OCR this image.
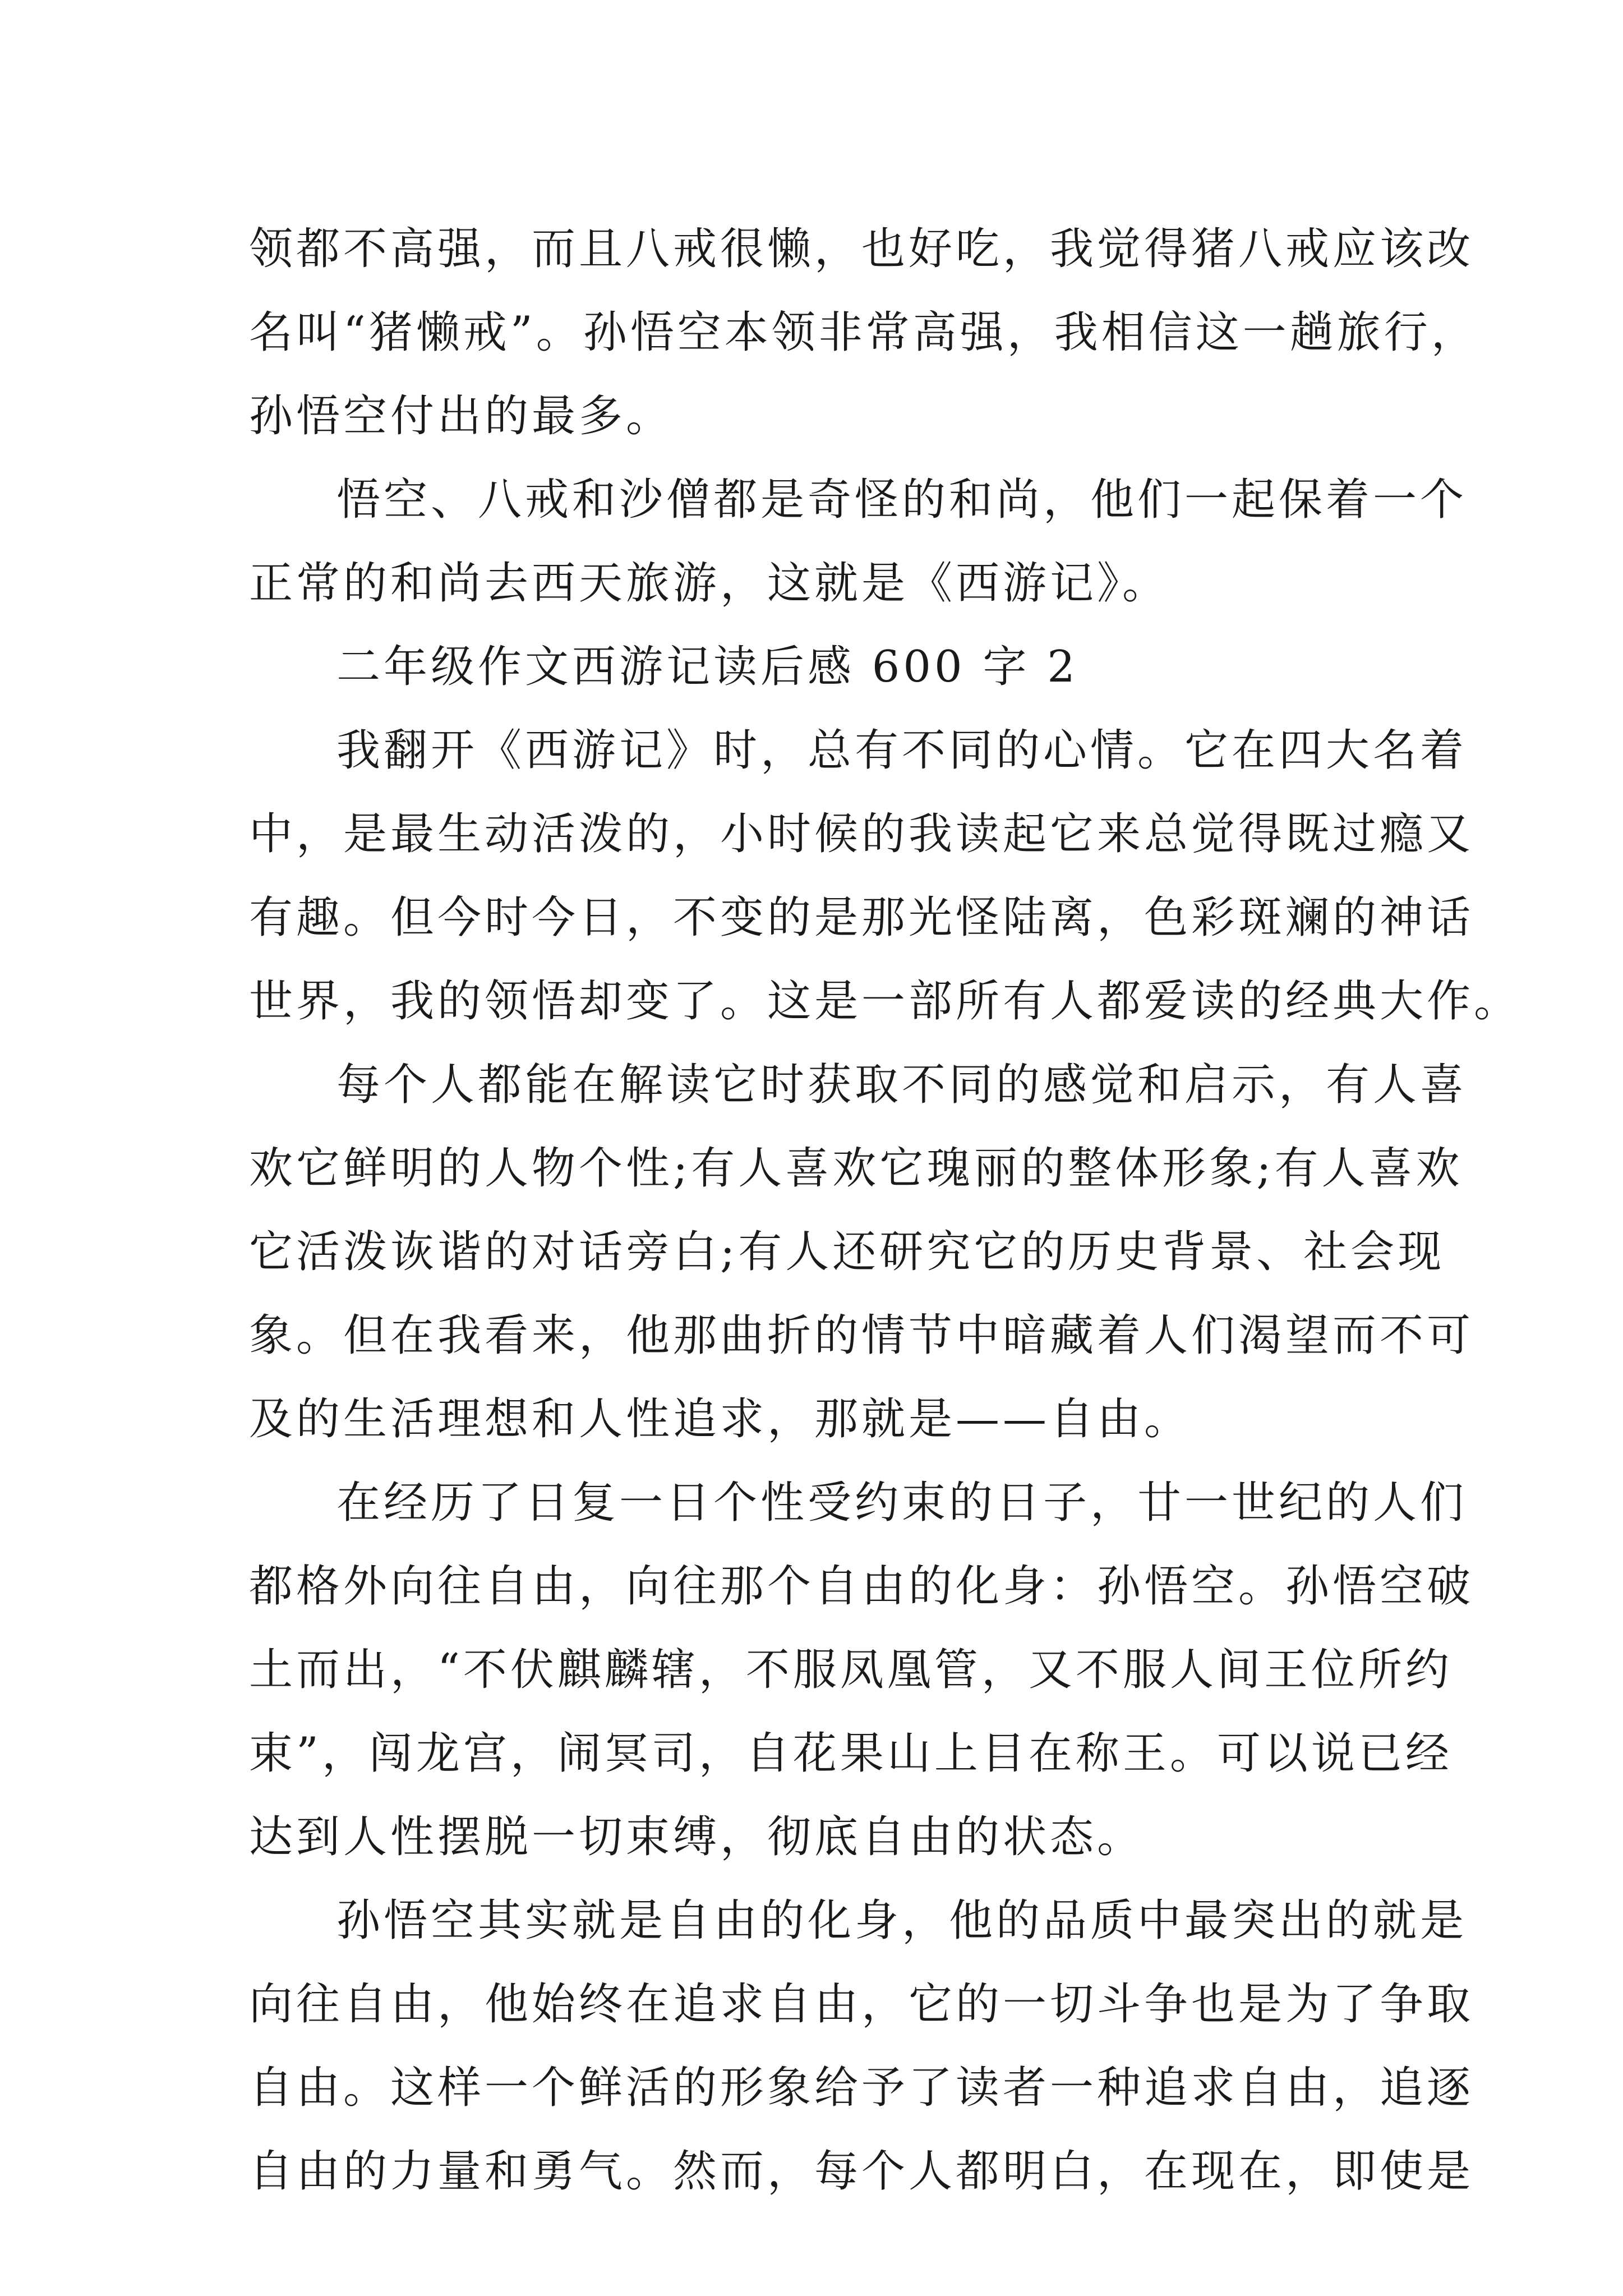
领都不高强，而且八戒很懒，也好吃，我觉得猪八戒应该改
名叫“猪懒戒”。孙悟空本领非常高强，我相信这一趟旅行，
孙悟空付出的最多。
悟空、八戒和沙僧都是奇怪的和尚，他们一起保着一个
正常的和尚去西天旅游，这就是《西游记》。
二年级作文西游记读后感 600 字 2
我翻开《西游记》时，总有不同的心情。它在四大名着
中，是最生动活泼的，小时候的我读起它来总觉得既过瘾又
有趣。但今时今日，不变的是那光怪陆离，色彩斑斓的神话
世界，我的领悟却变了。这是一部所有人都爱读的经典大作。
每个人都能在解读它时获取不同的感觉和启示，有人喜
欢它鲜明的人物个性;有人喜欢它瑰丽的整体形象;有人喜欢
它活泼诙谐的对话旁白;有人还研究它的历史背景、社会现
象。但在我看来，他那曲折的情节中暗藏着人们渴望而不可
及的生活理想和人性追求，那就是——自由。
在经历了日复一日个性受约束的日子，廿一世纪的人们
都格外向往自由，向往那个自由的化身：孙悟空。孙悟空破
土而出，“不伏麒麟辖，不服凤凰管，又不服人间王位所约
束”，闯龙宫，闹冥司，自花果山上目在称王。可以说已经
达到人性摆脱一切束缚，彻底自由的状态。
孙悟空其实就是自由的化身，他的品质中最突出的就是
向往自由，他始终在追求自由，它的一切斗争也是为了争取
自由。这样一个鲜活的形象给予了读者一种追求自由，追逐
自由的力量和勇气。然而，每个人都明白，在现在，即使是
